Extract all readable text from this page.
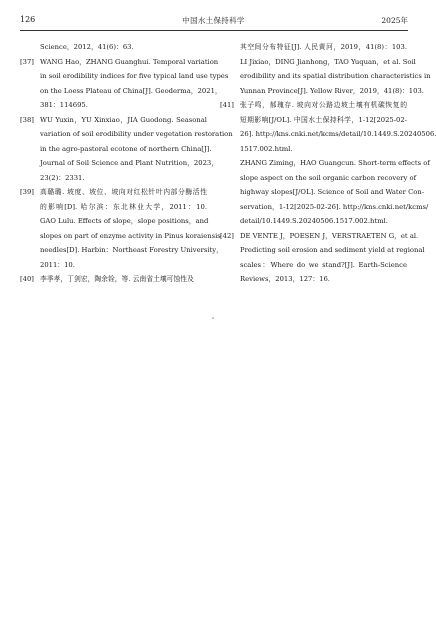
126	中国水土保持科学	2025年
Science，2012，41(6)：63.
[37] WANG Hao，ZHANG Guanghui. Temporal variation
in soil erodibility indices for five typical land use types
on the Loess Plateau of China[J]. Geoderma，2021，
381：114695.
[38] WU Yuxin，YU Xinxiao，JIA Guodong. Seasonal
variation of soil erodibility under vegetation restoration
in the agro-pastoral ecotone of northern China[J].
Journal of Soil Science and Plant Nutrition，2023，
23(2)：2331.
[39] 高璐璐. 坡度、坡位、坡向对红松针叶内部分酶活性
的影响[D]. 哈尔滨：东北林业大学，2011：10.
GAO Lulu. Effects of slope，slope positions，and
slopes on part of enzyme activity in Pinus koraiensis
needles[D]. Harbin：Northeast Forestry University，
2011：10.
[40] 李季孝，丁剑宏，陶余铨，等. 云南省土壤可蚀性及
其空间分布特征[J]. 人民黄河，2019，41(8)：103.
LI Jixiao，DING Jianhong，TAO Yuquan，et al. Soil
erodibility and its spatial distribution characteristics in
Yunnan Province[J]. Yellow River，2019，41(8)：103.
[41] 张子鸣，郝瑰存. 坡向对公路边坡土壤有机碳恢复的
短期影响[J/OL]. 中国水土保持科学，1-12[2025-02-
26]. http://kns.cnki.net/kcms/detail/10.1449.S.20240506.
1517.002.html.
ZHANG Ziming，HAO Guangcun. Short-term effects of
slope aspect on the soil organic carbon recovery of
highway slopes[J/OL]. Science of Soil and Water Con-
servation，1-12[2025-02-26]. http://kns.cnki.net/kcms/
detail/10.1449.S.20240506.1517.002.html.
[42] DE VENTE J，POESEN J，VERSTRAETEN G，et al.
Predicting soil erosion and sediment yield at regional
scales：Where do we stand?[J]. Earth-Science
Reviews，2013，127：16.
